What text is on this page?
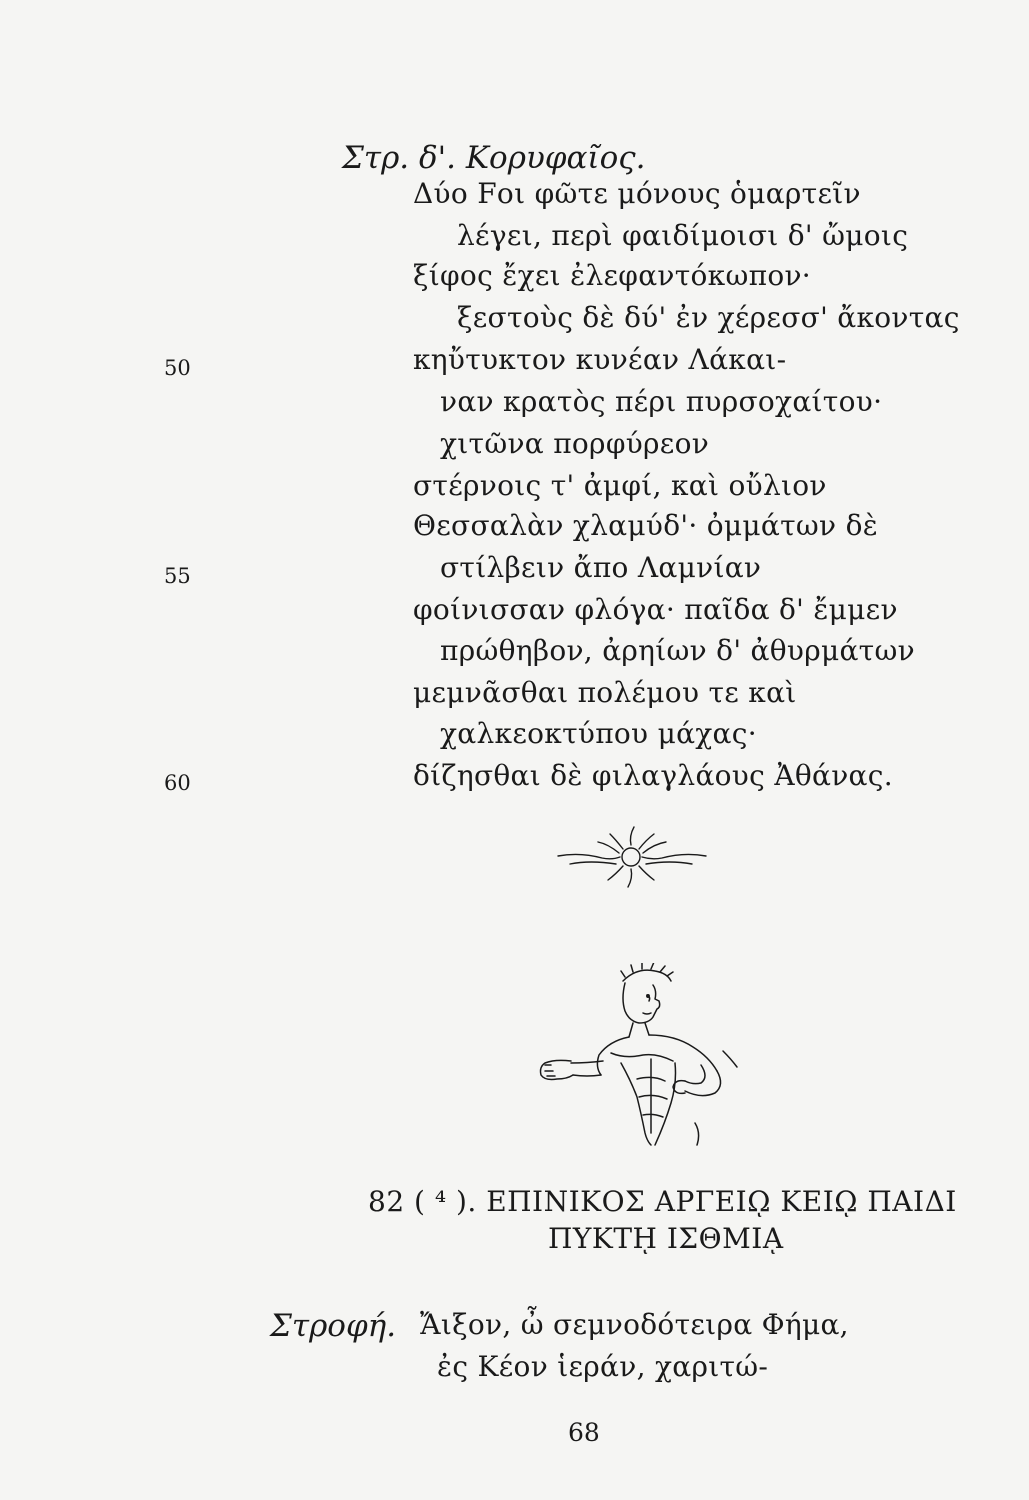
Στρ. δ'. Κορυφαῖος.
Δύο Fοι φῶτε μόνους ὁμαρτεῖν
λέγει, περὶ φαιδίμοισι δ' ὤμοις
ξίφος ἔχει ἐλεφαντόκωπον·
ξεστοὺς δὲ δύ' ἐν χέρεσσ' ἄκοντας
κηὔτυκτον κυνέαν Λάκαι-
ναν κρατὸς πέρι πυρσοχαίτου·
χιτῶνα πορφύρεον
στέρνοις τ' ἀμφί, καὶ οὔλιον
Θεσσαλὰν χλαμύδ'· ὀμμάτων δὲ
στίλβειν ἄπο Λαμνίαν
φοίνισσαν φλόγα· παῖδα δ' ἔμμεν
πρώθηβον, ἀρηίων δ' ἀθυρμάτων
μεμνᾶσθαι πολέμου τε καὶ
χαλκεοκτύπου μάχας·
δίζησθαι δὲ φιλαγλάους Ἀθάνας.
50
55
60
82 ( ⁴ ). ΕΠΙΝΙΚΟΣ ΑΡΓΕΙῼ ΚΕΙῼ ΠΑΙΔΙ
ΠΥΚΤῌ ΙΣΘΜΙᾼ
Στροφή. Ἄιξον, ὦ σεμνοδότειρα Φήμα,
ἐς Κέον ἱεράν, χαριτώ-
68
